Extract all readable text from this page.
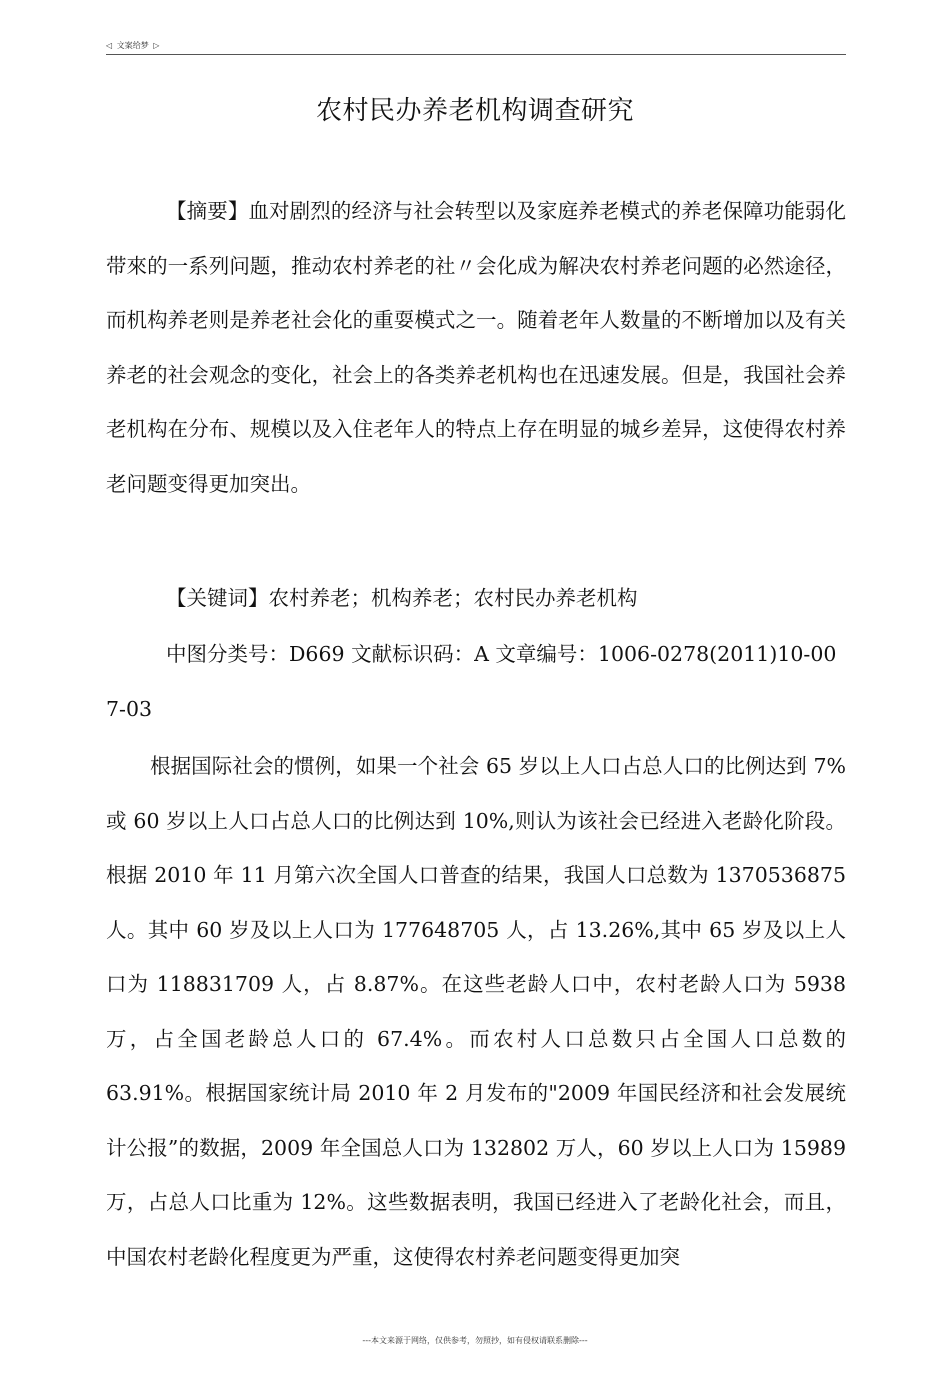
◁ 文案给梦 ▷
农村民办养老机构调查研究
【摘要】血对剧烈的经济与社会转型以及家庭养老模式的养老保障功能弱化带來的一系列问题，推动农村养老的社〃会化成为解决农村养老问题的必然途径，而机构养老则是养老社会化的重耍模式之一。随着老年人数量的不断增加以及有关养老的社会观念的变化，社会上的各类养老机构也在迅速发展。但是，我国社会养老机构在分布、规模以及入住老年人的特点上存在明显的城乡差异，这使得农村养老问题变得更加突出。
【关键词】农村养老；机构养老；农村民办养老机构
中图分类号：D669 文献标识码：A 文章编号：1006-0278(2011)10-007-03
根据国际社会的惯例，如果一个社会 65 岁以上人口占总人口的比例达到 7%或 60 岁以上人口占总人口的比例达到 10%,则认为该社会已经进入老龄化阶段。根据 2010 年 11 月第六次全国人口普查的结果，我国人口总数为 1370536875 人。其中 60 岁及以上人口为 177648705 人，占 13.26%,其中 65 岁及以上人口为 118831709 人，占 8.87%。在这些老龄人口中，农村老龄人口为 5938 万，占全国老龄总人口的 67.4%。而农村人口总数只占全国人口总数的 63.91%。根据国家统计局 2010 年 2 月发布的"2009 年国民经济和社会发展统计公报”的数据，2009 年全国总人口为 132802 万人，60 岁以上人口为 15989 万，占总人口比重为 12%。这些数据表明，我国已经进入了老龄化社会，而且，中国农村老龄化程度更为严重，这使得农村养老问题变得更加突
---本文来源于网络，仅供参考，勿照抄，如有侵权请联系删除---
